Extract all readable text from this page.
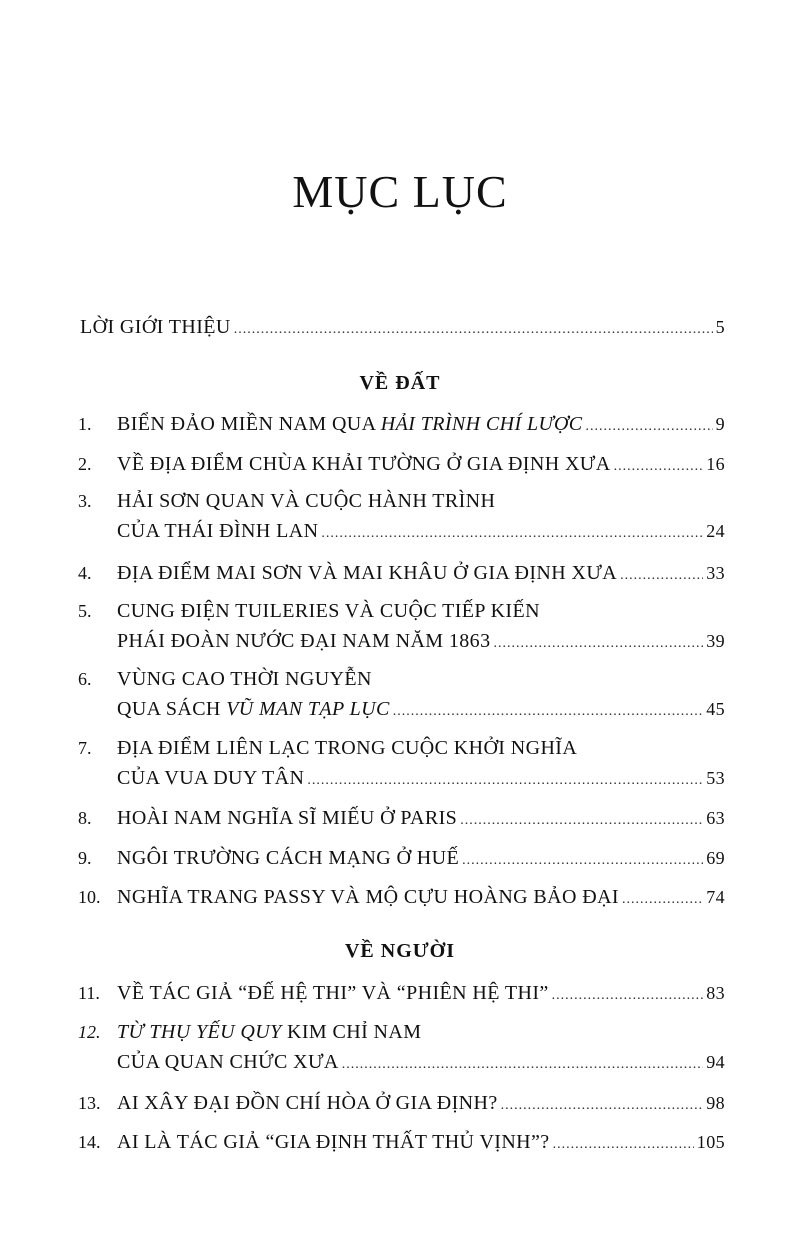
MỤC LỤC
LỜI GIỚI THIỆU .....	5
VỀ ĐẤT
1. BIỂN ĐẢO MIỀN NAM QUA HẢI TRÌNH CHÍ LƯỢC .....	9
2. VỀ ĐỊA ĐIỂM CHÙA KHẢI TƯỜNG Ở GIA ĐỊNH XƯA .....	16
3. HẢI SƠN QUAN VÀ CUỘC HÀNH TRÌNH
CỦA THÁI ĐÌNH LAN .....	24
4. ĐỊA ĐIỂM MAI SƠN VÀ MAI KHÂU Ở GIA ĐỊNH XƯA .....	33
5. CUNG ĐIỆN TUILERIES VÀ CUỘC TIẾP KIẾN
PHÁI ĐOÀN NƯỚC ĐẠI NAM NĂM 1863 .....	39
6. VÙNG CAO THỜI NGUYỄN
QUA SÁCH VŨ MAN TẠP LỤC .....	45
7. ĐỊA ĐIỂM LIÊN LẠC TRONG CUỘC KHỞI NGHĨA
CỦA VUA DUY TÂN .....	53
8. HOÀI NAM NGHĨA SĨ MIẾU Ở PARIS .....	63
9. NGÔI TRƯỜNG CÁCH MẠNG Ở HUẾ .....	69
10. NGHĨA TRANG PASSY VÀ MỘ CỰU HOÀNG BẢO ĐẠI .....	74
VỀ NGƯỜI
11. VỀ TÁC GIẢ “ĐẾ HỆ THI” VÀ “PHIÊN HỆ THI” .....	83
12. TỪ THỤ YẾU QUY KIM CHỈ NAM
CỦA QUAN CHỨC XƯA .....	94
13. AI XÂY ĐẠI ĐỒN CHÍ HÒA Ở GIA ĐỊNH? .....	98
14. AI LÀ TÁC GIẢ “GIA ĐỊNH THẤT THỦ VỊNH”? .....	105
